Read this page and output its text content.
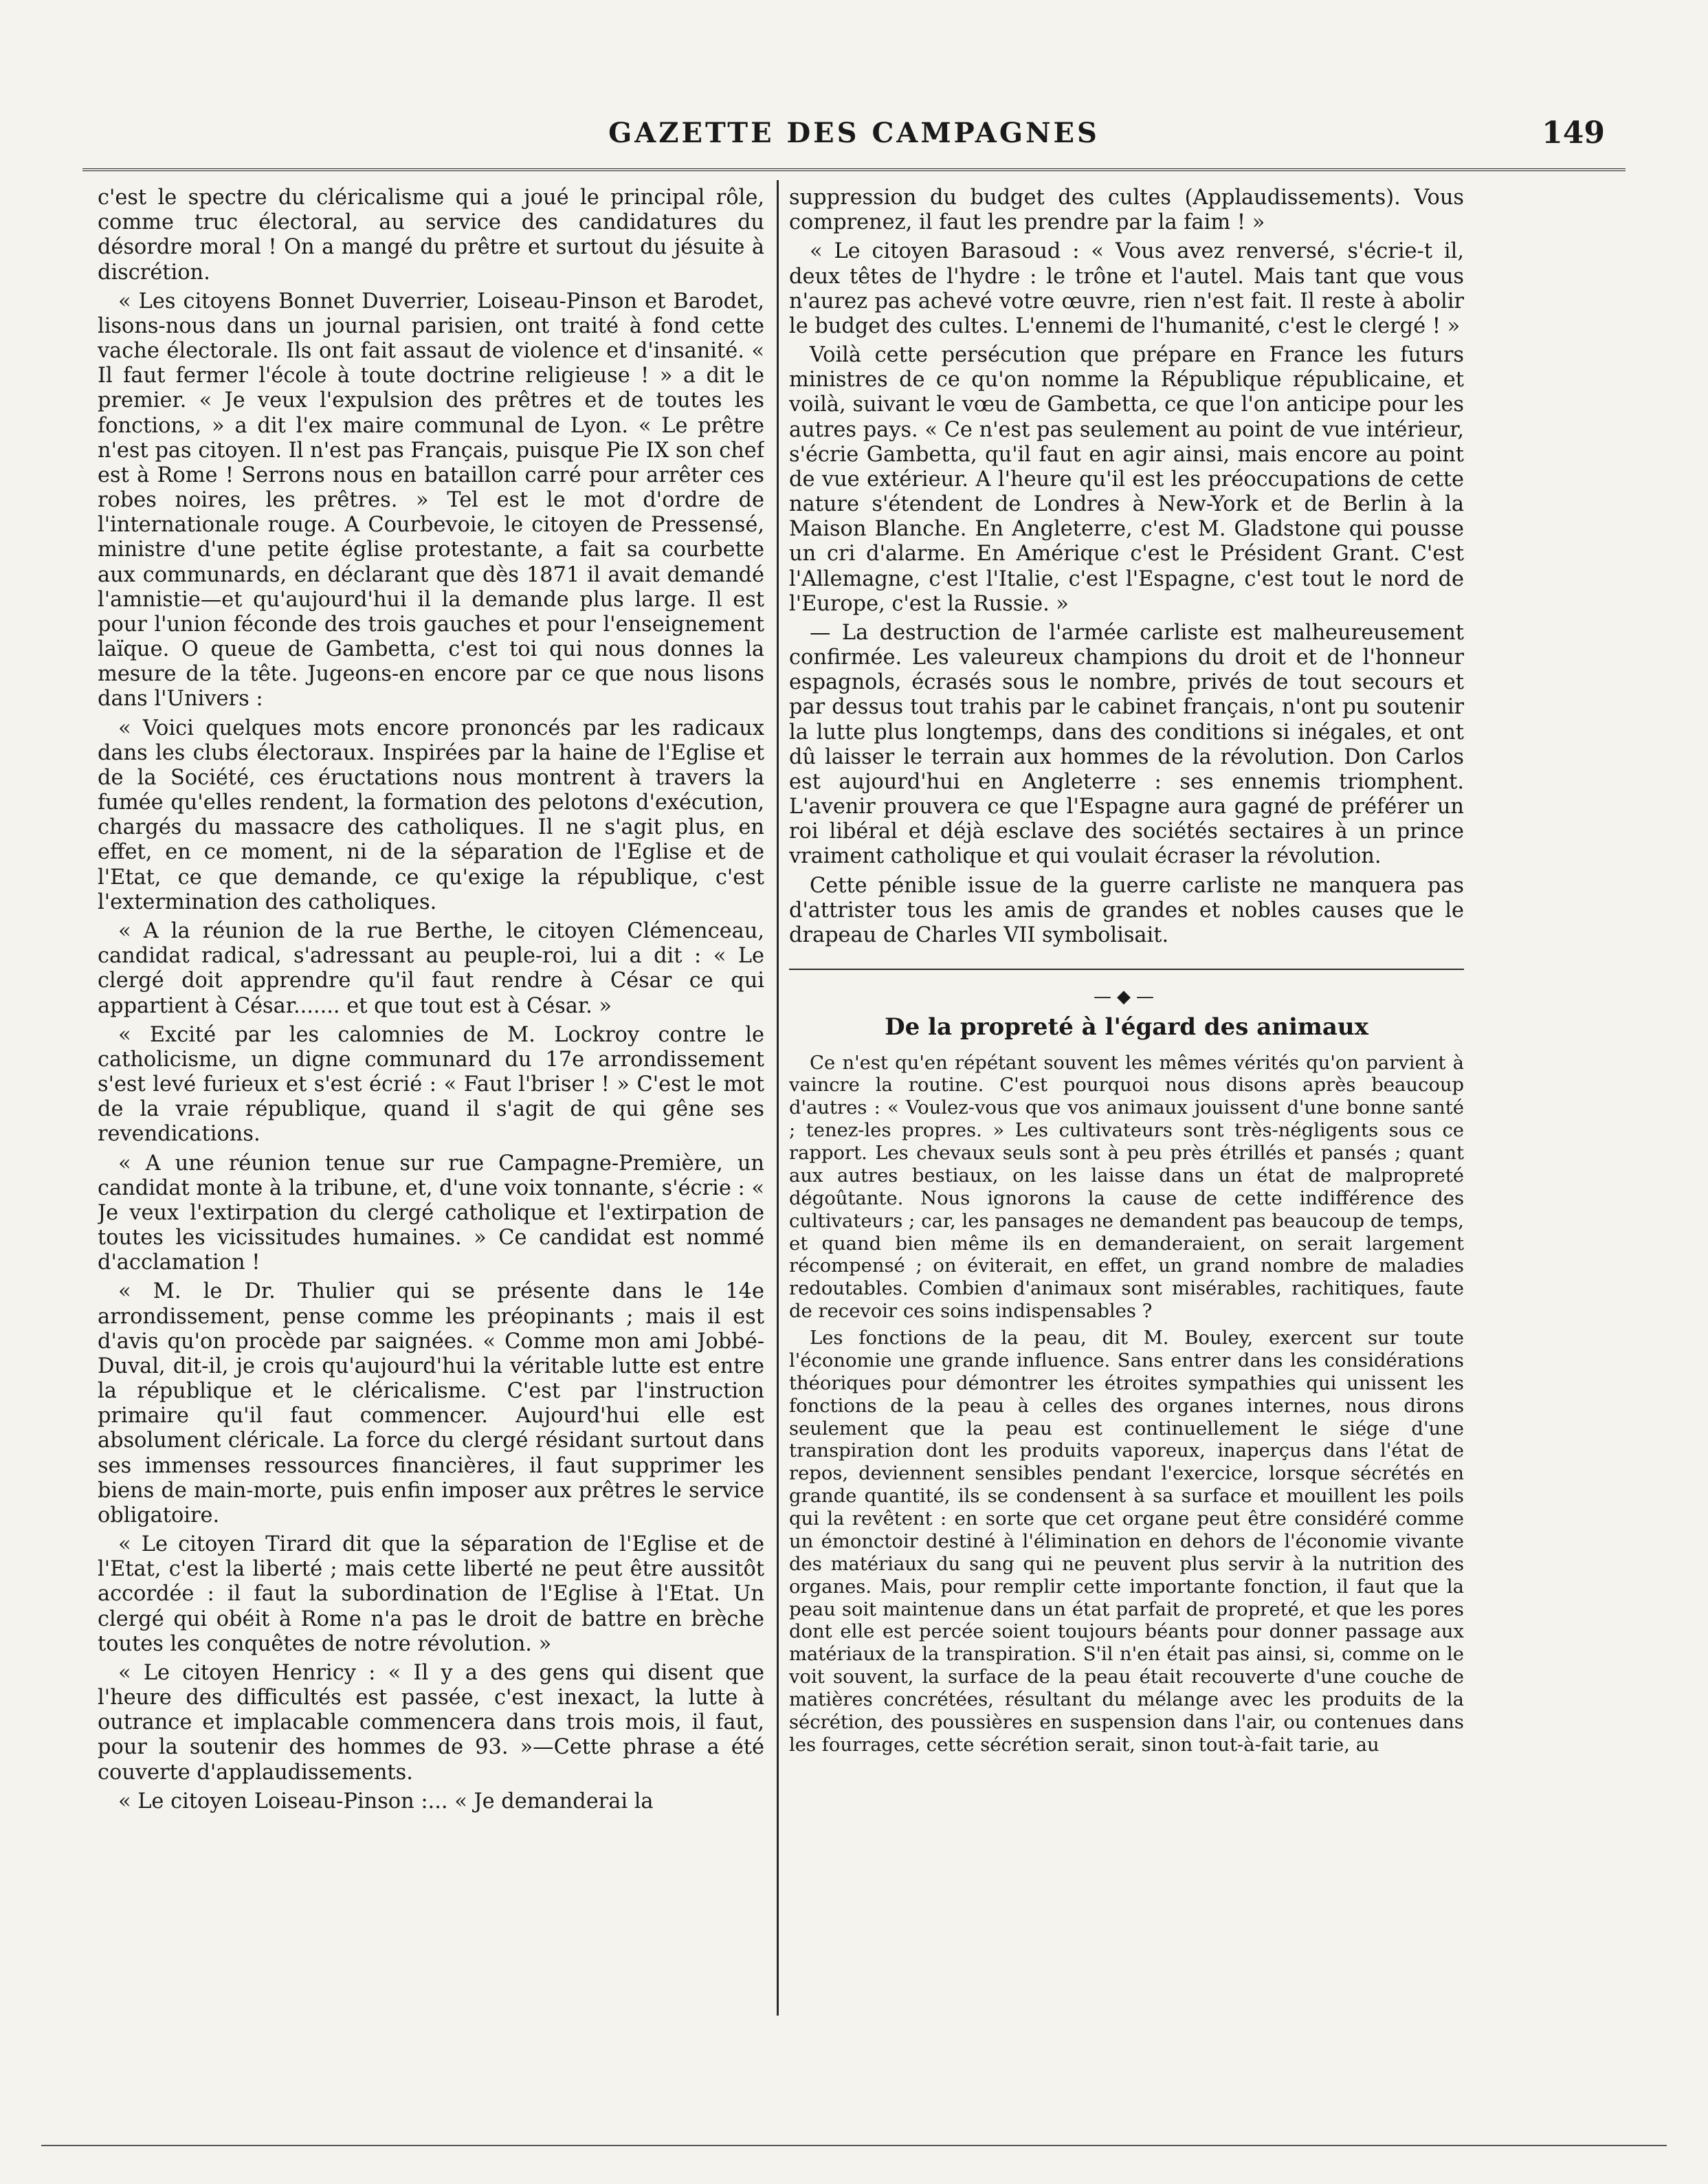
GAZETTE DES CAMPAGNES	149

c'est le spectre du cléricalisme qui a joué le principal rôle, comme truc électoral, au service des candidatures du désordre moral ! On a mangé du prêtre et surtout du jésuite à discrétion.

« Les citoyens Bonnet Duverrier, Loiseau-Pinson et Barodet, lisons-nous dans un journal parisien, ont traité à fond cette vache électorale. Ils ont fait assaut de violence et d'insanité. « Il faut fermer l'école à toute doctrine religieuse ! » a dit le premier. « Je veux l'expulsion des prêtres et de toutes les fonctions, » a dit l'ex maire communal de Lyon. « Le prêtre n'est pas citoyen. Il n'est pas Français, puisque Pie IX son chef est à Rome ! Serrons nous en bataillon carré pour arrêter ces robes noires, les prêtres. » Tel est le mot d'ordre de l'internationale rouge. A Courbevoie, le citoyen de Pressensé, ministre d'une petite église protestante, a fait sa courbette aux communards, en déclarant que dès 1871 il avait demandé l'amnistie—et qu'aujourd'hui il la demande plus large. Il est pour l'union féconde des trois gauches et pour l'enseignement laïque. O queue de Gambetta, c'est toi qui nous donnes la mesure de la tête. Jugeons-en encore par ce que nous lisons dans l'Univers :

« Voici quelques mots encore prononcés par les radicaux dans les clubs électoraux. Inspirées par la haine de l'Eglise et de la Société, ces éructations nous montrent à travers la fumée qu'elles rendent, la formation des pelotons d'exécution, chargés du massacre des catholiques. Il ne s'agit plus, en effet, en ce moment, ni de la séparation de l'Eglise et de l'Etat, ce que demande, ce qu'exige la république, c'est l'extermination des catholiques.

« A la réunion de la rue Berthe, le citoyen Clémenceau, candidat radical, s'adressant au peuple-roi, lui a dit : « Le clergé doit apprendre qu'il faut rendre à César ce qui appartient à César....... et que tout est à César. »

« Excité par les calomnies de M. Lockroy contre le catholicisme, un digne communard du 17e arrondissement s'est levé furieux et s'est écrié : « Faut l'briser ! » C'est le mot de la vraie république, quand il s'agit de qui gêne ses revendications.

« A une réunion tenue sur rue Campagne-Première, un candidat monte à la tribune, et, d'une voix tonnante, s'écrie : « Je veux l'extirpation du clergé catholique et l'extirpation de toutes les vicissitudes humaines. » Ce candidat est nommé d'acclamation !

« M. le Dr. Thulier qui se présente dans le 14e arrondissement, pense comme les préopinants ; mais il est d'avis qu'on procède par saignées. « Comme mon ami Jobbé-Duval, dit-il, je crois qu'aujourd'hui la véritable lutte est entre la république et le cléricalisme. C'est par l'instruction primaire qu'il faut commencer. Aujourd'hui elle est absolument cléricale. La force du clergé résidant surtout dans ses immenses ressources financières, il faut supprimer les biens de main-morte, puis enfin imposer aux prêtres le service obligatoire.

« Le citoyen Tirard dit que la séparation de l'Eglise et de l'Etat, c'est la liberté ; mais cette liberté ne peut être aussitôt accordée : il faut la subordination de l'Eglise à l'Etat. Un clergé qui obéit à Rome n'a pas le droit de battre en brèche toutes les conquêtes de notre révolution. »

« Le citoyen Henricy : « Il y a des gens qui disent que l'heure des difficultés est passée, c'est inexact, la lutte à outrance et implacable commencera dans trois mois, il faut, pour la soutenir des hommes de 93. »—Cette phrase a été couverte d'applaudissements.

« Le citoyen Loiseau-Pinson :... « Je demanderai la

suppression du budget des cultes (Applaudissements). Vous comprenez, il faut les prendre par la faim ! »

« Le citoyen Barasoud : « Vous avez renversé, s'écrie-t il, deux têtes de l'hydre : le trône et l'autel. Mais tant que vous n'aurez pas achevé votre œuvre, rien n'est fait. Il reste à abolir le budget des cultes. L'ennemi de l'humanité, c'est le clergé ! »

Voilà cette persécution que prépare en France les futurs ministres de ce qu'on nomme la République républicaine, et voilà, suivant le vœu de Gambetta, ce que l'on anticipe pour les autres pays. « Ce n'est pas seulement au point de vue intérieur, s'écrie Gambetta, qu'il faut en agir ainsi, mais encore au point de vue extérieur. A l'heure qu'il est les préoccupations de cette nature s'étendent de Londres à New-York et de Berlin à la Maison Blanche. En Angleterre, c'est M. Gladstone qui pousse un cri d'alarme. En Amérique c'est le Président Grant. C'est l'Allemagne, c'est l'Italie, c'est l'Espagne, c'est tout le nord de l'Europe, c'est la Russie. »

— La destruction de l'armée carliste est malheureusement confirmée. Les valeureux champions du droit et de l'honneur espagnols, écrasés sous le nombre, privés de tout secours et par dessus tout trahis par le cabinet français, n'ont pu soutenir la lutte plus longtemps, dans des conditions si inégales, et ont dû laisser le terrain aux hommes de la révolution. Don Carlos est aujourd'hui en Angleterre : ses ennemis triomphent. L'avenir prouvera ce que l'Espagne aura gagné de préférer un roi libéral et déjà esclave des sociétés sectaires à un prince vraiment catholique et qui voulait écraser la révolution.

Cette pénible issue de la guerre carliste ne manquera pas d'attrister tous les amis de grandes et nobles causes que le drapeau de Charles VII symbolisait.

—◆—
De la propreté à l'égard des animaux

Ce n'est qu'en répétant souvent les mêmes vérités qu'on parvient à vaincre la routine. C'est pourquoi nous disons après beaucoup d'autres : « Voulez-vous que vos animaux jouissent d'une bonne santé ; tenez-les propres. » Les cultivateurs sont très-négligents sous ce rapport. Les chevaux seuls sont à peu près étrillés et pansés ; quant aux autres bestiaux, on les laisse dans un état de malpropreté dégoûtante. Nous ignorons la cause de cette indifférence des cultivateurs ; car, les pansages ne demandent pas beaucoup de temps, et quand bien même ils en demanderaient, on serait largement récompensé ; on éviterait, en effet, un grand nombre de maladies redoutables. Combien d'animaux sont misérables, rachitiques, faute de recevoir ces soins indispensables ?

Les fonctions de la peau, dit M. Bouley, exercent sur toute l'économie une grande influence. Sans entrer dans les considérations théoriques pour démontrer les étroites sympathies qui unissent les fonctions de la peau à celles des organes internes, nous dirons seulement que la peau est continuellement le siége d'une transpiration dont les produits vaporeux, inaperçus dans l'état de repos, deviennent sensibles pendant l'exercice, lorsque sécrétés en grande quantité, ils se condensent à sa surface et mouillent les poils qui la revêtent : en sorte que cet organe peut être considéré comme un émonctoir destiné à l'élimination en dehors de l'économie vivante des matériaux du sang qui ne peuvent plus servir à la nutrition des organes. Mais, pour remplir cette importante fonction, il faut que la peau soit maintenue dans un état parfait de propreté, et que les pores dont elle est percée soient toujours béants pour donner passage aux matériaux de la transpiration. S'il n'en était pas ainsi, si, comme on le voit souvent, la surface de la peau était recouverte d'une couche de matières concrétées, résultant du mélange avec les produits de la sécrétion, des poussières en suspension dans l'air, ou contenues dans les fourrages, cette sécrétion serait, sinon tout-à-fait tarie, au
